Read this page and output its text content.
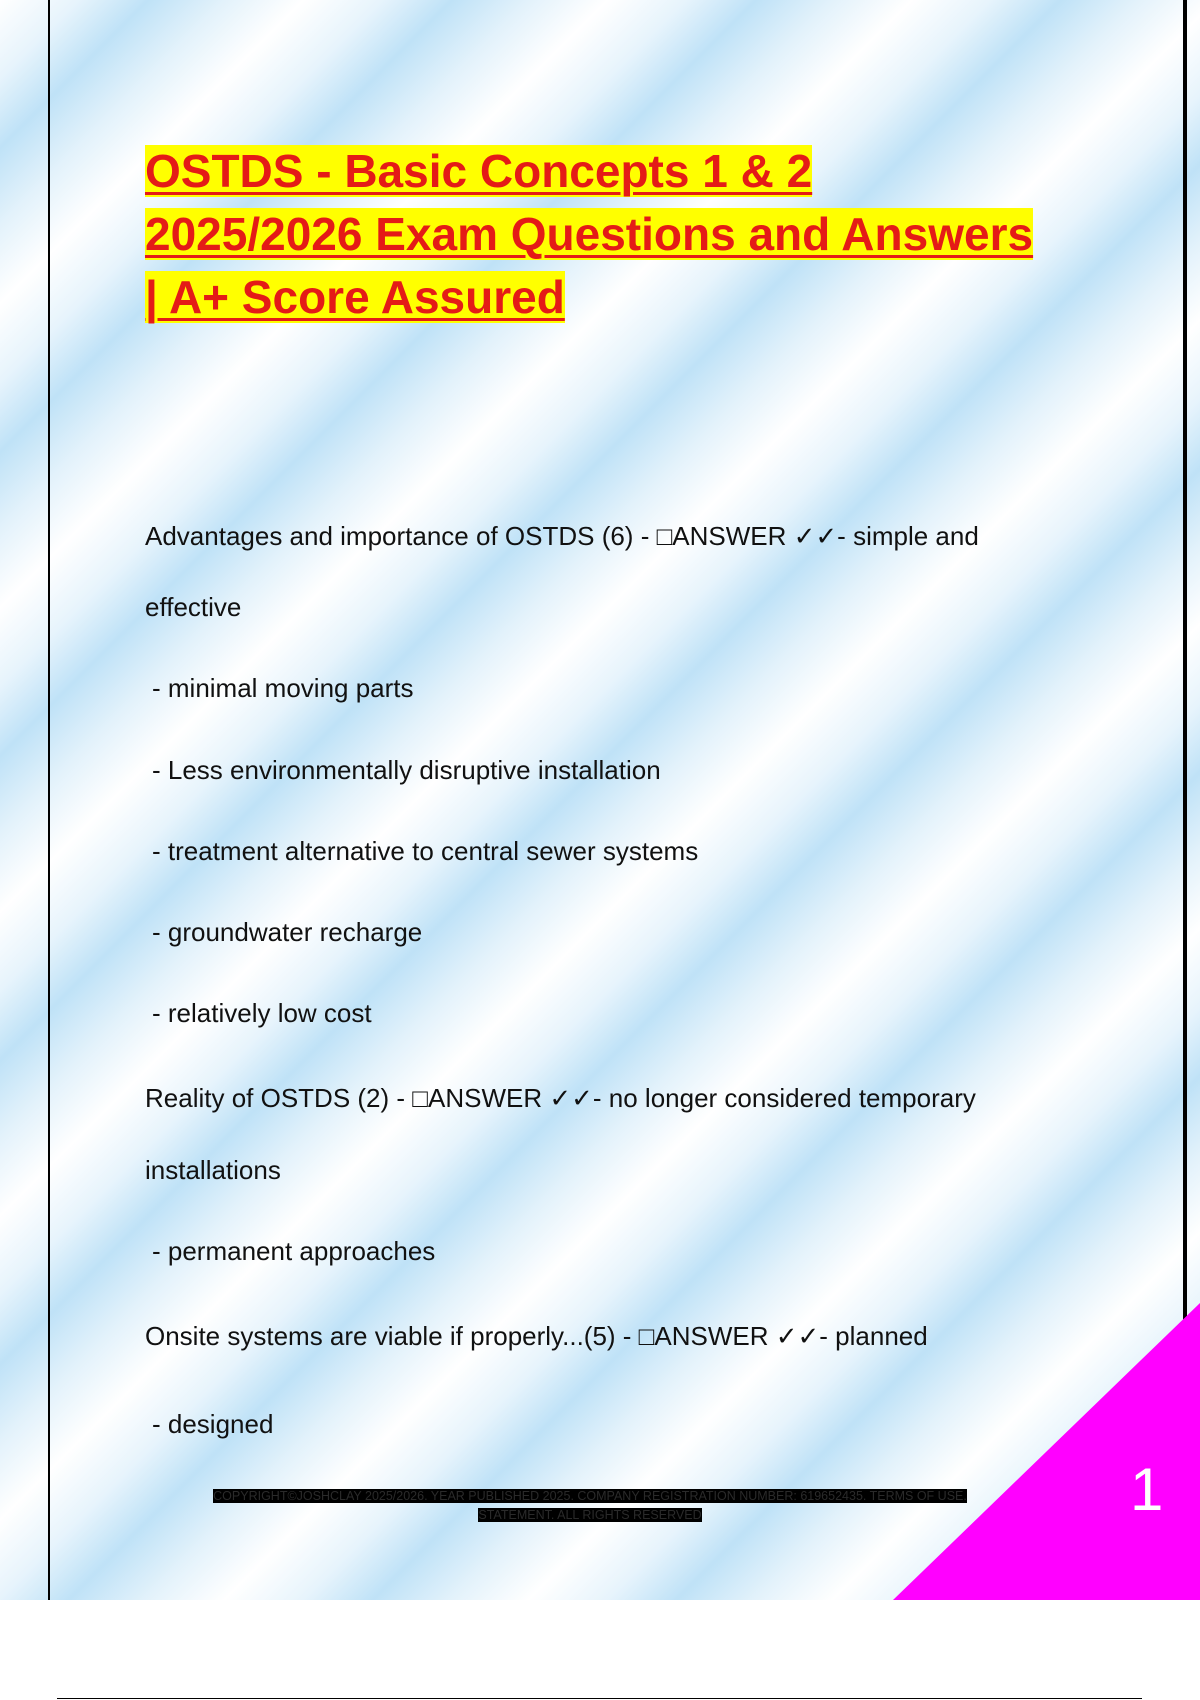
OSTDS - Basic Concepts 1 & 2
2025/2026 Exam Questions and Answers
| A+ Score Assured

Advantages and importance of OSTDS (6) - □ANSWER ✓✓- simple and

effective

- minimal moving parts

- Less environmentally disruptive installation

- treatment alternative to central sewer systems

- groundwater recharge

- relatively low cost

Reality of OSTDS (2) - □ANSWER ✓✓- no longer considered temporary

installations

- permanent approaches

Onsite systems are viable if properly...(5) - □ANSWER ✓✓- planned

- designed

1
COPYRIGHT©JOSHCLAY 2025/2026. YEAR PUBLISHED 2025. COMPANY REGISTRATION NUMBER: 619652435. TERMS OF USE.
STATEMENT. ALL RIGHTS RESERVED
